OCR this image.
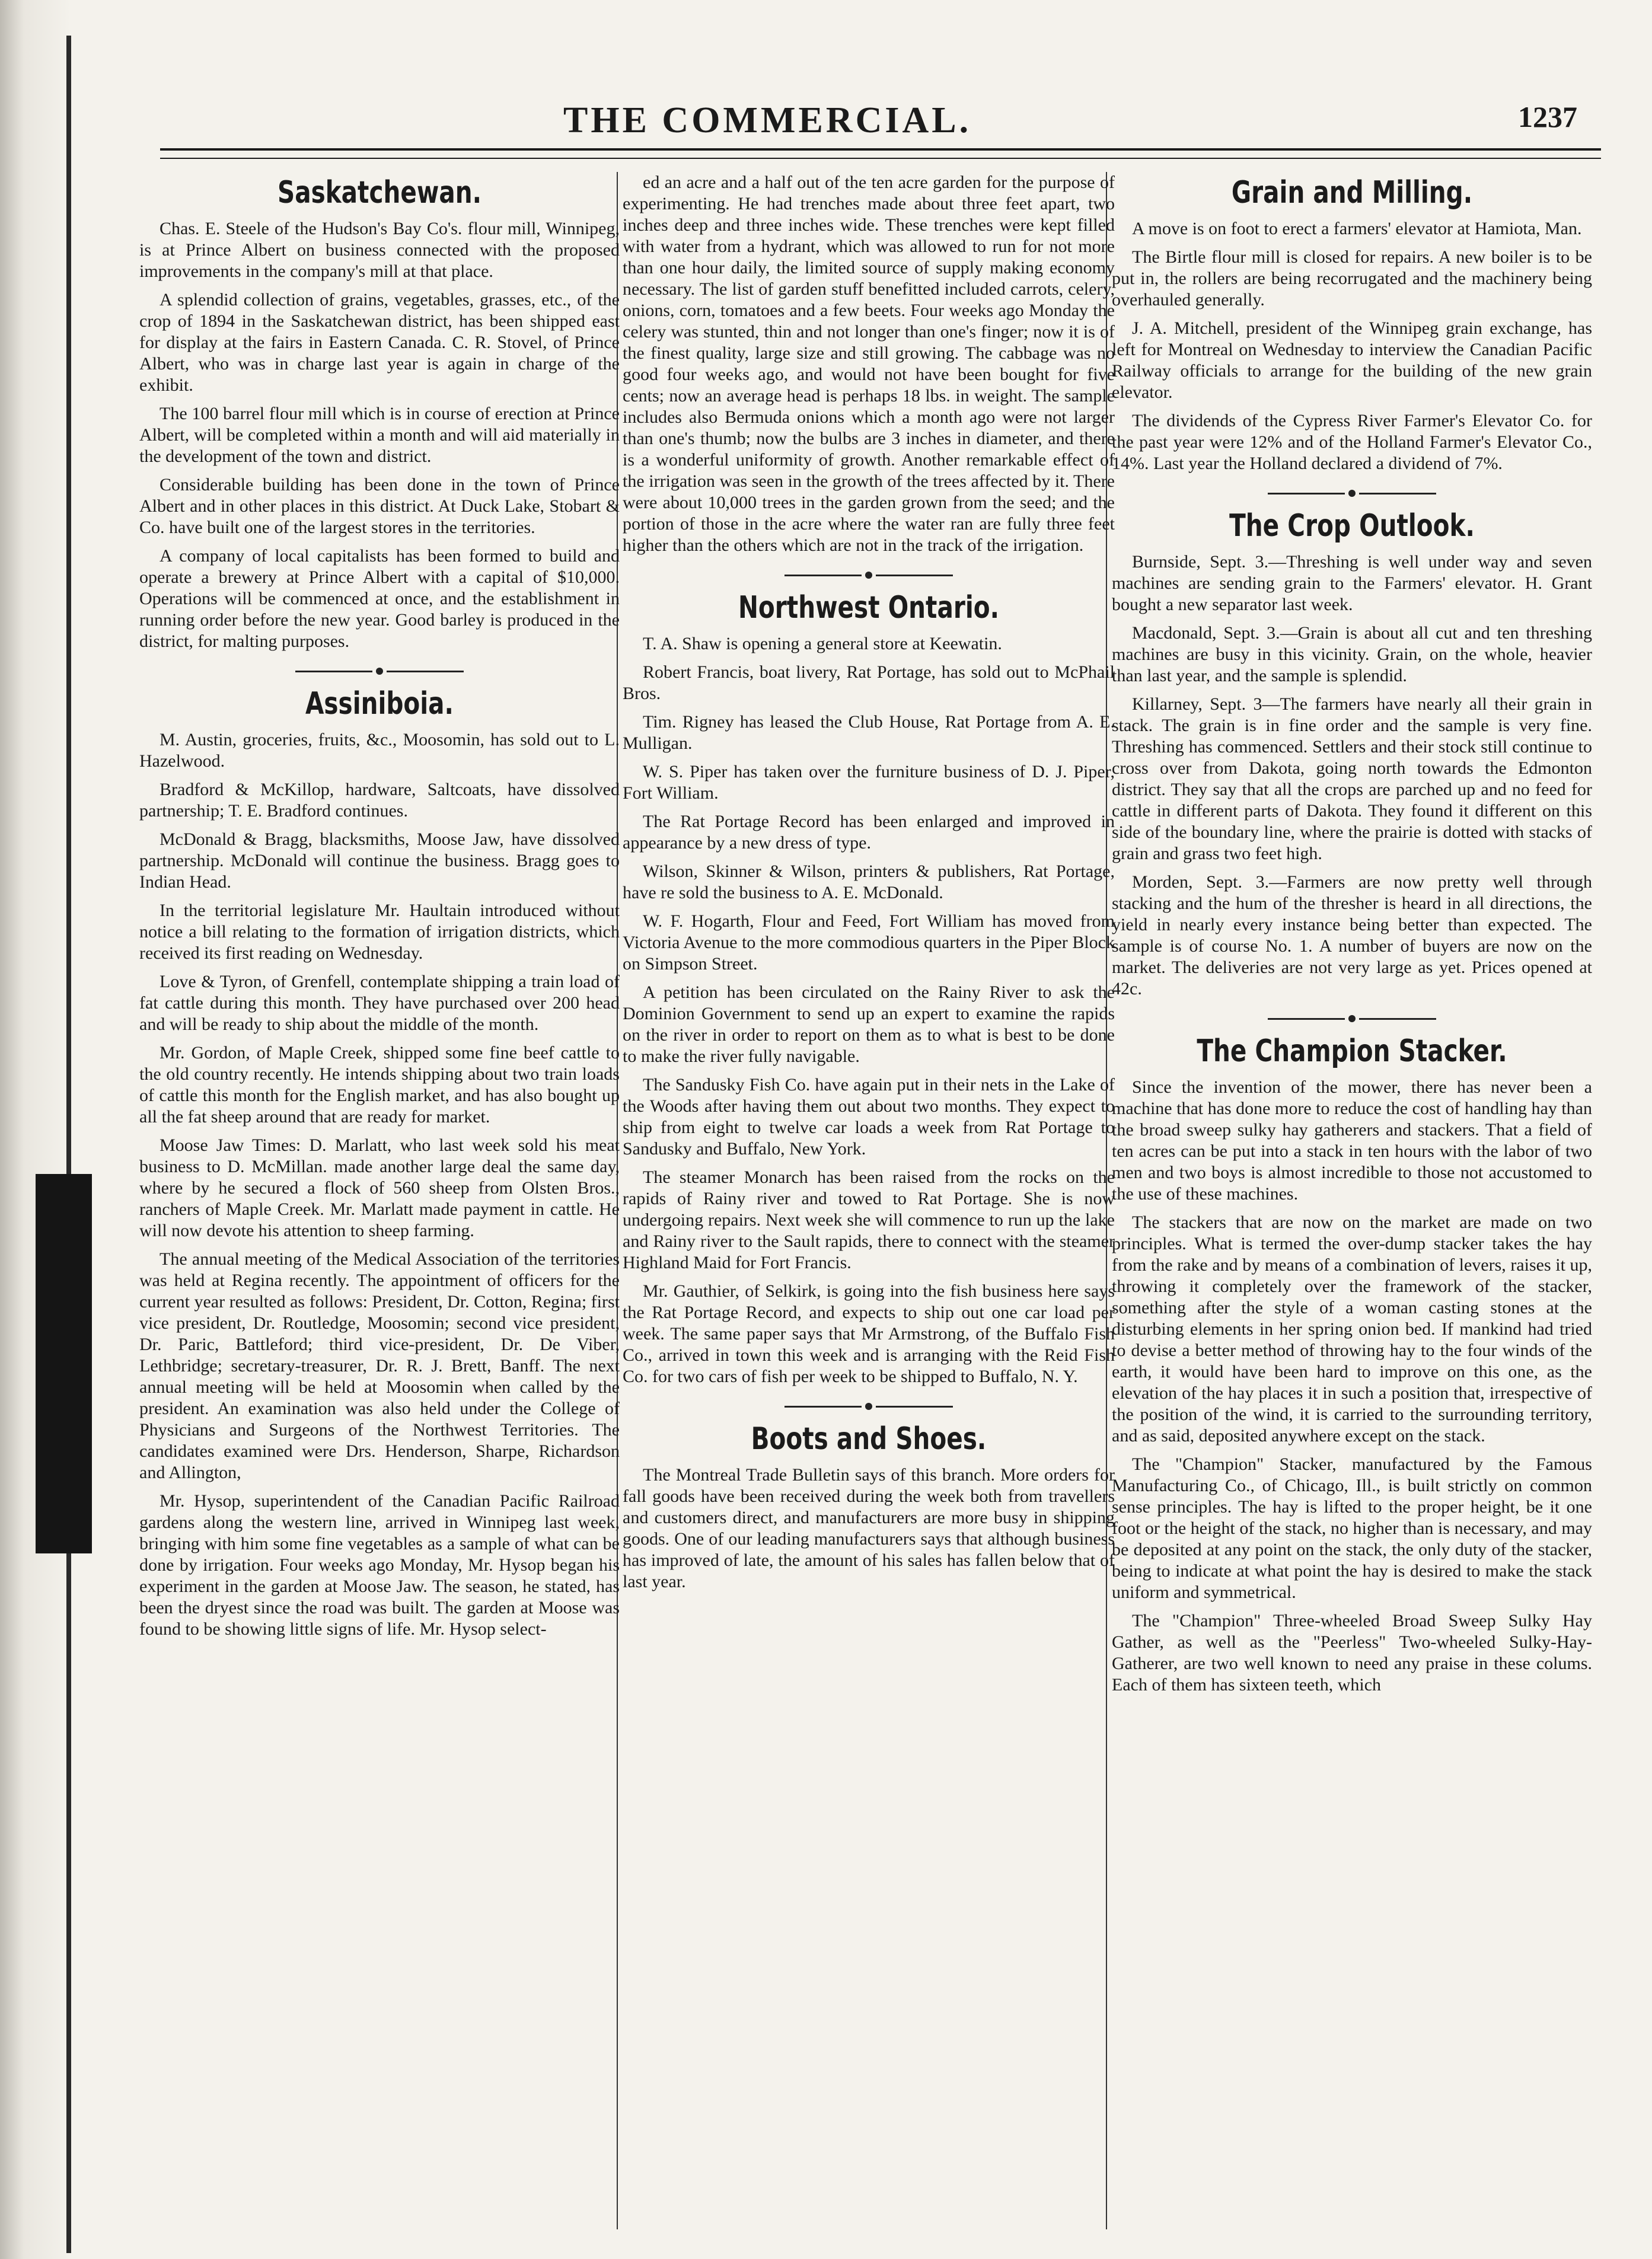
THE COMMERCIAL.	1237
Saskatchewan.

Chas. E. Steele of the Hudson's Bay Co's. flour mill, Winnipeg, is at Prince Albert on business connected with the proposed improvements in the company's mill at that place.

A splendid collection of grains, vegetables, grasses, etc., of the crop of 1894 in the Saskatchewan district, has been shipped east for display at the fairs in Eastern Canada. C. R. Stovel, of Prince Albert, who was in charge last year is again in charge of the exhibit.

The 100 barrel flour mill which is in course of erection at Prince Albert, will be completed within a month and will aid materially in the development of the town and district.

Considerable building has been done in the town of Prince Albert and in other places in this district. At Duck Lake, Stobart & Co. have built one of the largest stores in the territories.

A company of local capitalists has been formed to build and operate a brewery at Prince Albert with a capital of $10,000. Operations will be commenced at once, and the establishment in running order before the new year. Good barley is produced in the district, for malting purposes.

Assiniboia.

M. Austin, groceries, fruits, &c., Moosomin, has sold out to L. Hazelwood.

Bradford & McKillop, hardware, Saltcoats, have dissolved partnership; T. E. Bradford continues.

McDonald & Bragg, blacksmiths, Moose Jaw, have dissolved partnership. McDonald will continue the business. Bragg goes to Indian Head.

In the territorial legislature Mr. Haultain introduced without notice a bill relating to the formation of irrigation districts, which received its first reading on Wednesday.

Love & Tyron, of Grenfell, contemplate shipping a train load of fat cattle during this month. They have purchased over 200 head and will be ready to ship about the middle of the month.

Mr. Gordon, of Maple Creek, shipped some fine beef cattle to the old country recently. He intends shipping about two train loads of cattle this month for the English market, and has also bought up all the fat sheep around that are ready for market.

Moose Jaw Times: D. Marlatt, who last week sold his meat business to D. McMillan. made another large deal the same day, where by he secured a flock of 560 sheep from Olsten Bros., ranchers of Maple Creek. Mr. Marlatt made payment in cattle. He will now devote his attention to sheep farming.

The annual meeting of the Medical Association of the territories was held at Regina recently. The appointment of officers for the current year resulted as follows: President, Dr. Cotton, Regina; first vice president, Dr. Routledge, Moosomin; second vice president, Dr. Paric, Battleford; third vice-president, Dr. De Viber, Lethbridge; secretary-treasurer, Dr. R. J. Brett, Banff. The next annual meeting will be held at Moosomin when called by the president. An examination was also held under the College of Physicians and Surgeons of the Northwest Territories. The candidates examined were Drs. Henderson, Sharpe, Richardson and Allington,

Mr. Hysop, superintendent of the Canadian Pacific Railroad gardens along the western line, arrived in Winnipeg last week, bringing with him some fine vegetables as a sample of what can be done by irrigation. Four weeks ago Monday, Mr. Hysop began his experiment in the garden at Moose Jaw. The season, he stated, has been the dryest since the road was built. The garden at Moose was found to be showing little signs of life. Mr. Hysop select-

ed an acre and a half out of the ten acre garden for the purpose of experimenting. He had trenches made about three feet apart, two inches deep and three inches wide. These trenches were kept filled with water from a hydrant, which was allowed to run for not more than one hour daily, the limited source of supply making economy necessary. The list of garden stuff benefitted included carrots, celery, onions, corn, tomatoes and a few beets. Four weeks ago Monday the celery was stunted, thin and not longer than one's finger; now it is of the finest quality, large size and still growing. The cabbage was no good four weeks ago, and would not have been bought for five cents; now an average head is perhaps 18 lbs. in weight. The sample includes also Bermuda onions which a month ago were not larger than one's thumb; now the bulbs are 3 inches in diameter, and there is a wonderful uniformity of growth. Another remarkable effect of the irrigation was seen in the growth of the trees affected by it. There were about 10,000 trees in the garden grown from the seed; and the portion of those in the acre where the water ran are fully three feet higher than the others which are not in the track of the irrigation.

Northwest Ontario.

T. A. Shaw is opening a general store at Keewatin.

Robert Francis, boat livery, Rat Portage, has sold out to McPhail Bros.

Tim. Rigney has leased the Club House, Rat Portage from A. E. Mulligan.

W. S. Piper has taken over the furniture business of D. J. Piper, Fort William.

The Rat Portage Record has been enlarged and improved in appearance by a new dress of type.

Wilson, Skinner & Wilson, printers & publishers, Rat Portage, have re sold the business to A. E. McDonald.

W. F. Hogarth, Flour and Feed, Fort William has moved from Victoria Avenue to the more commodious quarters in the Piper Block on Simpson Street.

A petition has been circulated on the Rainy River to ask the Dominion Government to send up an expert to examine the rapids on the river in order to report on them as to what is best to be done to make the river fully navigable.

The Sandusky Fish Co. have again put in their nets in the Lake of the Woods after having them out about two months. They expect to ship from eight to twelve car loads a week from Rat Portage to Sandusky and Buffalo, New York.

The steamer Monarch has been raised from the rocks on the rapids of Rainy river and towed to Rat Portage. She is now undergoing repairs. Next week she will commence to run up the lake and Rainy river to the Sault rapids, there to connect with the steamer Highland Maid for Fort Francis.

Mr. Gauthier, of Selkirk, is going into the fish business here says the Rat Portage Record, and expects to ship out one car load per week. The same paper says that Mr Armstrong, of the Buffalo Fish Co., arrived in town this week and is arranging with the Reid Fish Co. for two cars of fish per week to be shipped to Buffalo, N. Y.

Boots and Shoes.

The Montreal Trade Bulletin says of this branch. More orders for fall goods have been received during the week both from travellers and customers direct, and manufacturers are more busy in shipping goods. One of our leading manufacturers says that although business has improved of late, the amount of his sales has fallen below that of last year.

Grain and Milling.

A move is on foot to erect a farmers' elevator at Hamiota, Man.

The Birtle flour mill is closed for repairs. A new boiler is to be put in, the rollers are being recorrugated and the machinery being overhauled generally.

J. A. Mitchell, president of the Winnipeg grain exchange, has left for Montreal on Wednesday to interview the Canadian Pacific Railway officials to arrange for the building of the new grain elevator.

The dividends of the Cypress River Farmer's Elevator Co. for the past year were 12% and of the Holland Farmer's Elevator Co., 14%. Last year the Holland declared a dividend of 7%.

The Crop Outlook.

Burnside, Sept. 3.—Threshing is well under way and seven machines are sending grain to the Farmers' elevator. H. Grant bought a new separator last week.

Macdonald, Sept. 3.—Grain is about all cut and ten threshing machines are busy in this vicinity. Grain, on the whole, heavier than last year, and the sample is splendid.

Killarney, Sept. 3—The farmers have nearly all their grain in stack. The grain is in fine order and the sample is very fine. Threshing has commenced. Settlers and their stock still continue to cross over from Dakota, going north towards the Edmonton district. They say that all the crops are parched up and no feed for cattle in different parts of Dakota. They found it different on this side of the boundary line, where the prairie is dotted with stacks of grain and grass two feet high.

Morden, Sept. 3.—Farmers are now pretty well through stacking and the hum of the thresher is heard in all directions, the yield in nearly every instance being better than expected. The sample is of course No. 1. A number of buyers are now on the market. The deliveries are not very large as yet. Prices opened at 42c.

The Champion Stacker.

Since the invention of the mower, there has never been a machine that has done more to reduce the cost of handling hay than the broad sweep sulky hay gatherers and stackers. That a field of ten acres can be put into a stack in ten hours with the labor of two men and two boys is almost incredible to those not accustomed to the use of these machines.

The stackers that are now on the market are made on two principles. What is termed the over-dump stacker takes the hay from the rake and by means of a combination of levers, raises it up, throwing it completely over the framework of the stacker, something after the style of a woman casting stones at the disturbing elements in her spring onion bed. If mankind had tried to devise a better method of throwing hay to the four winds of the earth, it would have been hard to improve on this one, as the elevation of the hay places it in such a position that, irrespective of the position of the wind, it is carried to the surrounding territory, and as said, deposited anywhere except on the stack.

The "Champion" Stacker, manufactured by the Famous Manufacturing Co., of Chicago, Ill., is built strictly on common sense principles. The hay is lifted to the proper height, be it one foot or the height of the stack, no higher than is necessary, and may be deposited at any point on the stack, the only duty of the stacker, being to indicate at what point the hay is desired to make the stack uniform and symmetrical.

The "Champion" Three-wheeled Broad Sweep Sulky Hay Gather, as well as the "Peerless" Two-wheeled Sulky-Hay-Gatherer, are two well known to need any praise in these colums. Each of them has sixteen teeth, which
